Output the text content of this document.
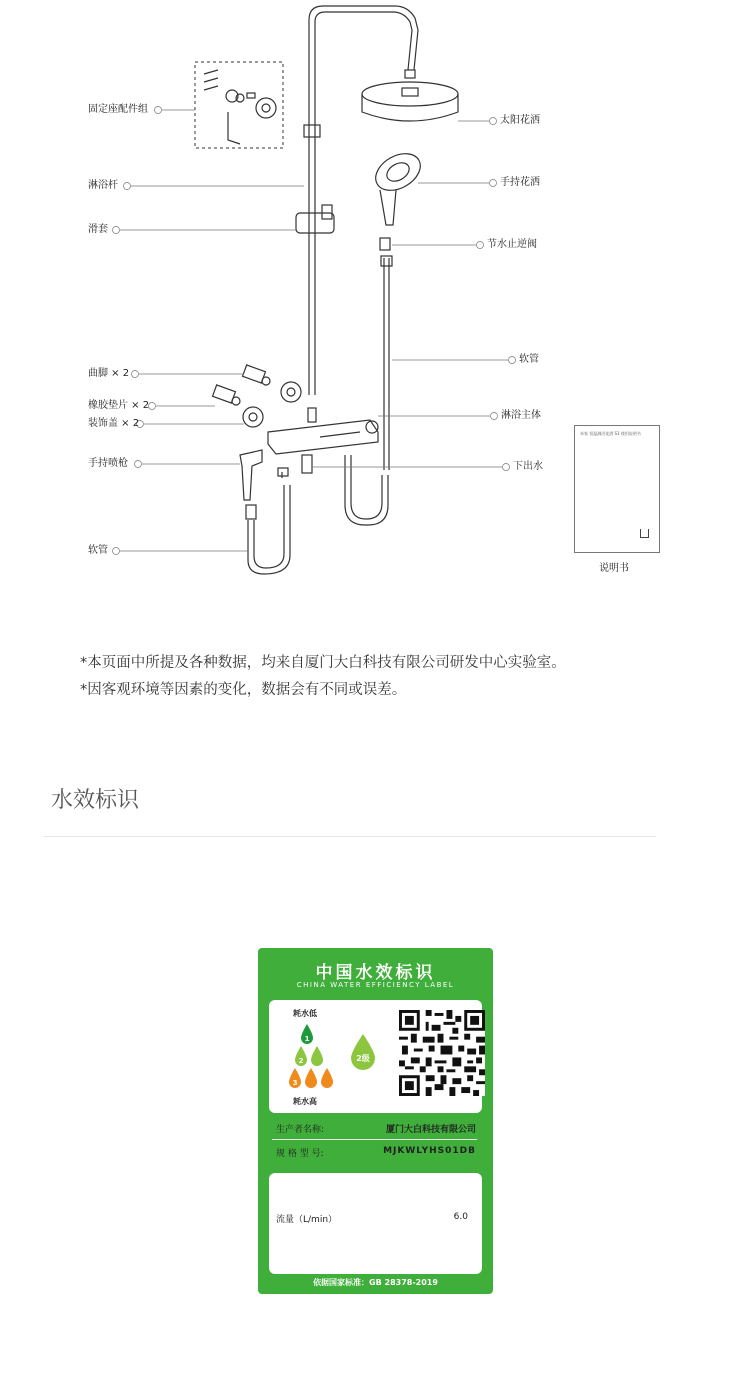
固定座配件组
淋浴杆
滑套
曲脚 × 2
橡胶垫片 × 2
装饰盖 × 2
手持喷枪
软管
太阳花洒
手持花洒
节水止逆阀
软管
淋浴主体
下出水
米家 恒温淋浴花洒 S1 使用说明书
说明书
*本页面中所提及各种数据，均来自厦门大白科技有限公司研发中心实验室。
*因客观环境等因素的变化，数据会有不同或误差。
水效标识
中国水效标识
CHINA WATER EFFICIENCY LABEL
耗水低
1
2
3
2级
耗水高
生产者名称:	厦门大白科技有限公司
规 格 型 号:	MJKWLYHS01DB
流量（L/min）	6.0
依据国家标准：GB 28378-2019
